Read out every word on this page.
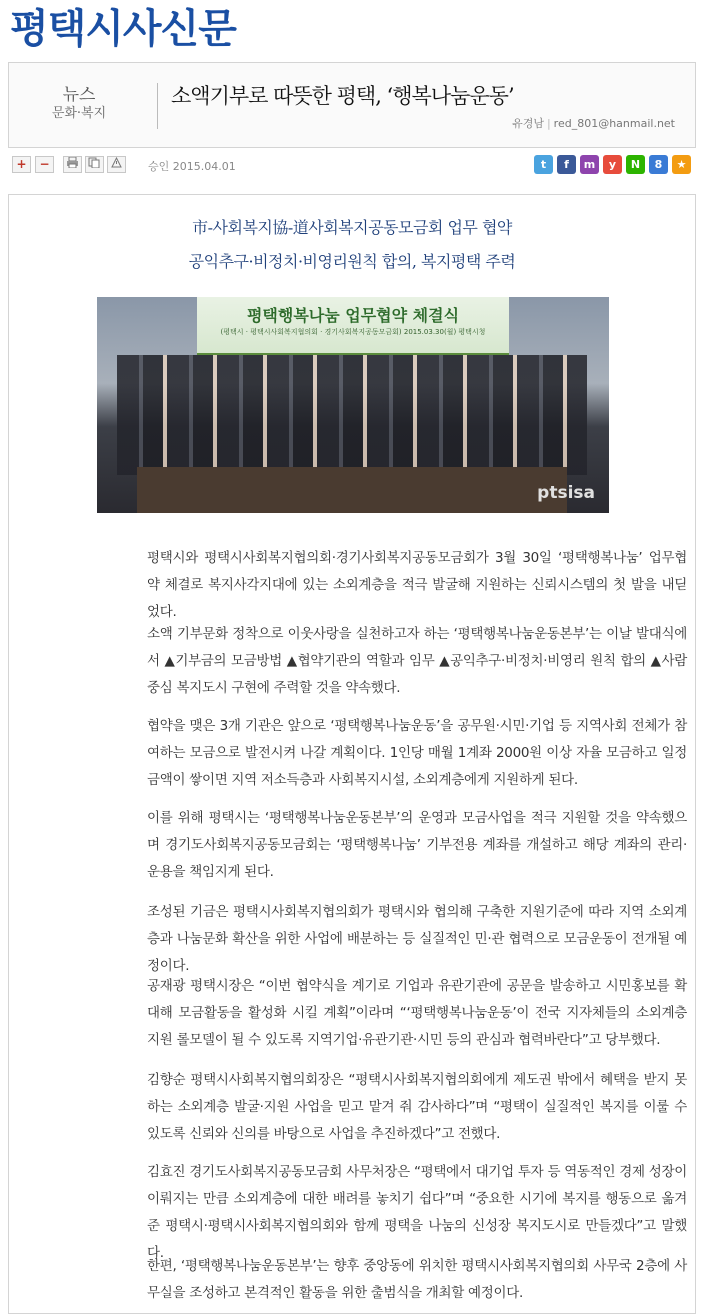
평택시사신문
뉴스
문화·복지
소액기부로 따뜻한 평택, ‘행복나눔운동’
유경남 | red_801@hanmail.net
+	−	승인 2015.04.01	t	f	m	y	N	8	★
市-사회복지協-道사회복지공동모금회 업무 협약
공익추구·비정치·비영리원칙 합의, 복지평택 주력
평택행복나눔 업무협약 체결식
(평택시 · 평택시사회복지협의회 · 경기사회복지공동모금회) 2015.03.30(월) 평택시청
ptsisa
평택시와 평택시사회복지협의회·경기사회복지공동모금회가 3월 30일 ‘평택행복나눔’ 업무협약 체결로 복지사각지대에 있는 소외계층을 적극 발굴해 지원하는 신뢰시스템의 첫 발을 내딛었다.
소액 기부문화 정착으로 이웃사랑을 실천하고자 하는 ‘평택행복나눔운동본부’는 이날 발대식에서 ▲기부금의 모금방법 ▲협약기관의 역할과 임무 ▲공익추구·비정치·비영리 원칙 합의 ▲사람중심 복지도시 구현에 주력할 것을 약속했다.
협약을 맺은 3개 기관은 앞으로 ‘평택행복나눔운동’을 공무원·시민·기업 등 지역사회 전체가 참여하는 모금으로 발전시켜 나갈 계획이다. 1인당 매월 1계좌 2000원 이상 자율 모금하고 일정 금액이 쌓이면 지역 저소득층과 사회복지시설, 소외계층에게 지원하게 된다.
이를 위해 평택시는 ‘평택행복나눔운동본부’의 운영과 모금사업을 적극 지원할 것을 약속했으며 경기도사회복지공동모금회는 ‘평택행복나눔’ 기부전용 계좌를 개설하고 해당 계좌의 관리·운용을 책임지게 된다.
조성된 기금은 평택시사회복지협의회가 평택시와 협의해 구축한 지원기준에 따라 지역 소외계층과 나눔문화 확산을 위한 사업에 배분하는 등 실질적인 민·관 협력으로 모금운동이 전개될 예정이다.
공재광 평택시장은 “이번 협약식을 계기로 기업과 유관기관에 공문을 발송하고 시민홍보를 확대해 모금활동을 활성화 시킬 계획”이라며 “‘평택행복나눔운동’이 전국 지자체들의 소외계층 지원 롤모델이 될 수 있도록 지역기업·유관기관·시민 등의 관심과 협력바란다”고 당부했다.
김향순 평택시사회복지협의회장은 “평택시사회복지협의회에게 제도권 밖에서 혜택을 받지 못하는 소외계층 발굴·지원 사업을 믿고 맡겨 줘 감사하다”며 “평택이 실질적인 복지를 이룰 수 있도록 신뢰와 신의를 바탕으로 사업을 추진하겠다”고 전했다.
김효진 경기도사회복지공동모금회 사무처장은 “평택에서 대기업 투자 등 역동적인 경제 성장이 이뤄지는 만큼 소외계층에 대한 배려를 놓치기 쉽다”며 “중요한 시기에 복지를 행동으로 옮겨준 평택시·평택시사회복지협의회와 함께 평택을 나눔의 신성장 복지도시로 만들겠다”고 말했다.
한편, ‘평택행복나눔운동본부’는 향후 중앙동에 위치한 평택시사회복지협의회 사무국 2층에 사무실을 조성하고 본격적인 활동을 위한 출범식을 개최할 예정이다.
